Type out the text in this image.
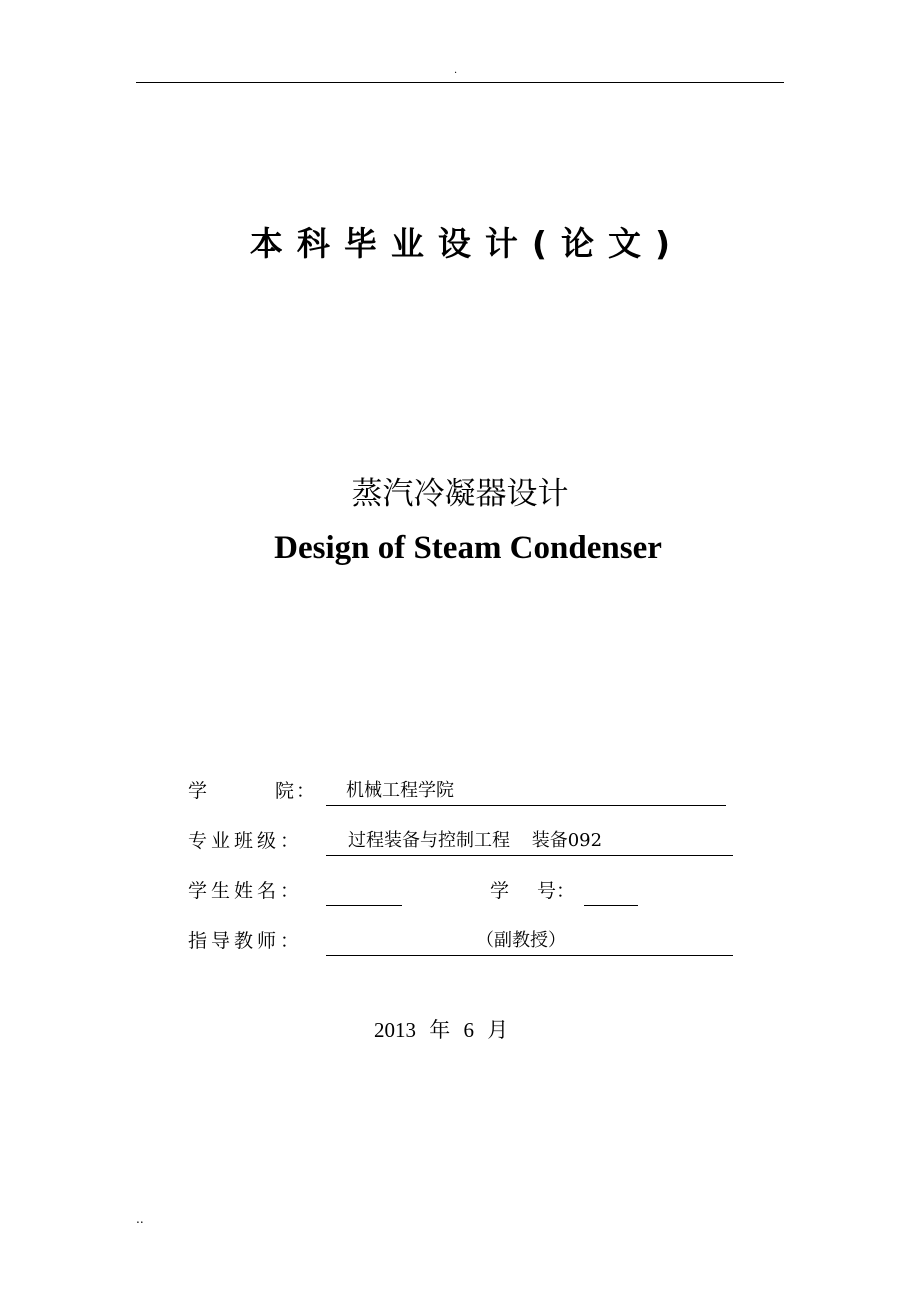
.
本科毕业设计(论文)
蒸汽冷凝器设计
Design of Steam Condenser
学 院： 机械工程学院
专业班级： 过程装备与控制工程 装备092
学生姓名：	学 号：
指导教师：	（副教授）
2013 年 6 月
..
